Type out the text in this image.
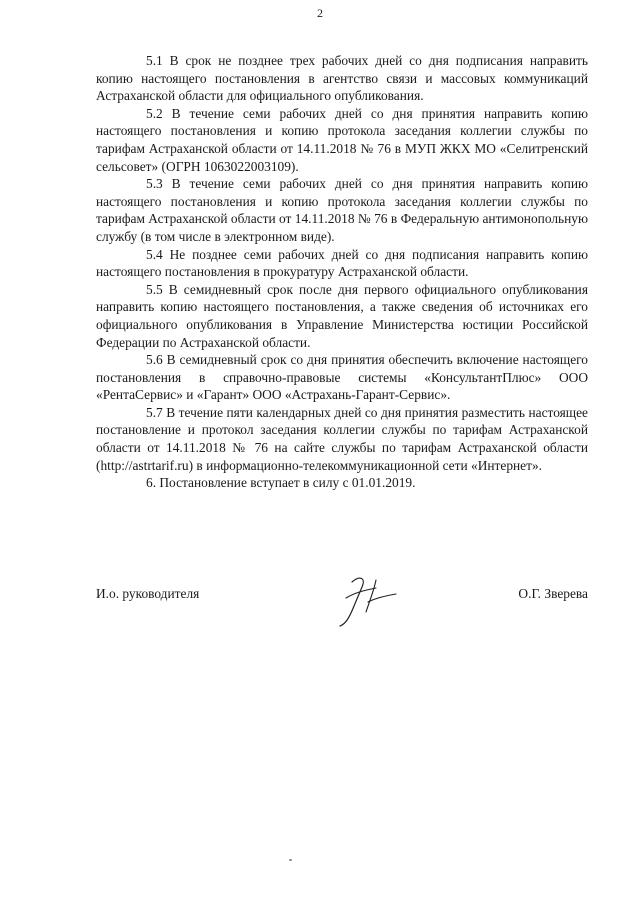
2

5.1 В срок не позднее трех рабочих дней со дня подписания направить копию настоящего постановления в агентство связи и массовых коммуникаций Астраханской области для официального опубликования.

5.2 В течение семи рабочих дней со дня принятия направить копию настоящего постановления и копию протокола заседания коллегии службы по тарифам Астраханской области от 14.11.2018 № 76 в МУП ЖКХ МО «Селитренский сельсовет» (ОГРН 1063022003109).

5.3 В течение семи рабочих дней со дня принятия направить копию настоящего постановления и копию протокола заседания коллегии службы по тарифам Астраханской области от 14.11.2018 № 76 в Федеральную антимонопольную службу (в том числе в электронном виде).

5.4 Не позднее семи рабочих дней со дня подписания направить копию настоящего постановления в прокуратуру Астраханской области.

5.5 В семидневный срок после дня первого официального опубликования направить копию настоящего постановления, а также сведения об источниках его официального опубликования в Управление Министерства юстиции Российской Федерации по Астраханской области.

5.6 В семидневный срок со дня принятия обеспечить включение настоящего постановления в справочно-правовые системы «КонсультантПлюс» ООО «РентаСервис» и «Гарант» ООО «Астрахань-Гарант-Сервис».

5.7 В течение пяти календарных дней со дня принятия разместить настоящее постановление и протокол заседания коллегии службы по тарифам Астраханской области от 14.11.2018 № 76 на сайте службы по тарифам Астраханской области (http://astrtarif.ru) в информационно-телекоммуникационной сети «Интернет».

6. Постановление вступает в силу с 01.01.2019.

И.о. руководителя	О.Г. Зверева
